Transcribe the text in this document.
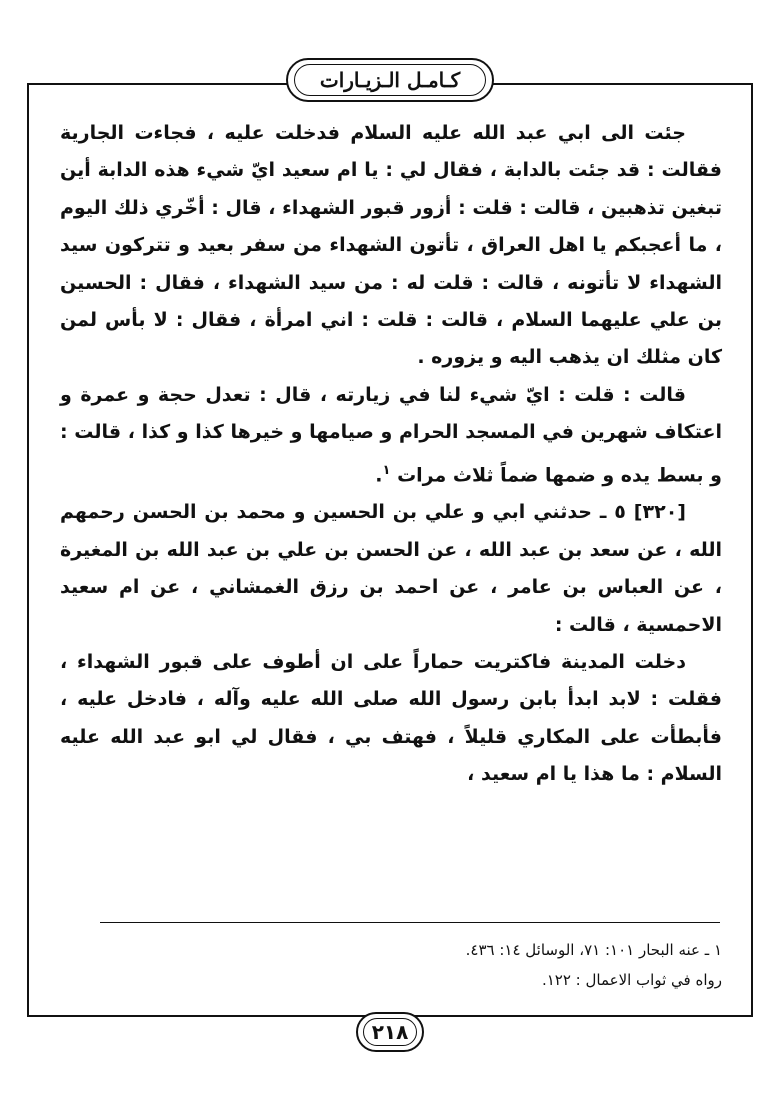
كـامـل الـزيـارات

جئت الى ابي عبد الله عليه السلام فدخلت عليه ، فجاءت الجارية فقالت : قد جئت بالدابة ، فقال لي : يا ام سعيد ايّ شيء هذه الدابة أين تبغين تذهبين ، قالت : قلت : أزور قبور الشهداء ، قال : أخّري ذلك اليوم ، ما أعجبكم يا اهل العراق ، تأتون الشهداء من سفر بعيد و تتركون سيد الشهداء لا تأتونه ، قالت : قلت له : من سيد الشهداء ، فقال : الحسين بن علي عليهما السلام ، قالت : قلت : اني امرأة ، فقال : لا بأس لمن كان مثلك ان يذهب اليه و يزوره .

قالت : قلت : ايّ شيء لنا في زيارته ، قال : تعدل حجة و عمرة و اعتكاف شهرين في المسجد الحرام و صيامها و خيرها كذا و كذا ، قالت : و بسط يده و ضمها ضماً ثلاث مرات $^١$.

[٣٢٠] ٥ ـ حدثني ابي و علي بن الحسين و محمد بن الحسن رحمهم الله ، عن سعد بن عبد الله ، عن الحسن بن علي بن عبد الله بن المغيرة ، عن العباس بن عامر ، عن احمد بن رزق الغمشاني ، عن ام سعيد الاحمسية ، قالت :

دخلت المدينة فاكتريت حماراً على ان أطوف على قبور الشهداء ، فقلت : لابد ابدأ بابن رسول الله صلى الله عليه وآله ، فادخل عليه ، فأبطأت على المكاري قليلاً ، فهتف بي ، فقال لي ابو عبد الله عليه السلام : ما هذا يا ام سعيد ،

١ ـ عنه البحار ١٠١: ٧١، الوسائل ١٤: ٤٣٦.

رواه في ثواب الاعمال : ١٢٢.

٢١٨
